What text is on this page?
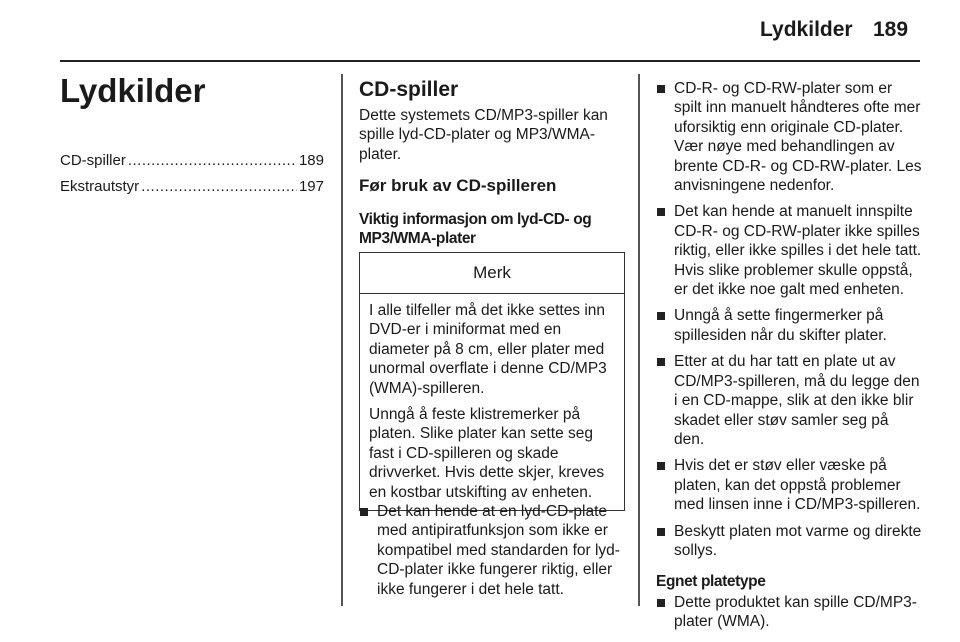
Lydkilder 189
Lydkilder
CD-spiller .....	189
Ekstrautstyr .....	197
CD-spiller

Dette systemets CD/MP3-spiller kan spille lyd-CD-plater og MP3/WMA-plater.

Før bruk av CD-spilleren

Viktig informasjon om lyd-CD- og MP3/WMA-plater

Merk

I alle tilfeller må det ikke settes inn DVD-er i miniformat med en diameter på 8 cm, eller plater med unormal overflate i denne CD/MP3 (WMA)-spilleren.

Unngå å feste klistremerker på platen. Slike plater kan sette seg fast i CD-spilleren og skade drivverket. Hvis dette skjer, kreves en kostbar utskifting av enheten.

Det kan hende at en lyd-CD-plate med antipiratfunksjon som ikke er kompatibel med standarden for lyd-CD-plater ikke fungerer riktig, eller ikke fungerer i det hele tatt.
CD-R- og CD-RW-plater som er spilt inn manuelt håndteres ofte mer uforsiktig enn originale CD-plater. Vær nøye med behandlingen av brente CD-R- og CD-RW-plater. Les anvisningene nedenfor.
Det kan hende at manuelt innspilte CD-R- og CD-RW-plater ikke spilles riktig, eller ikke spilles i det hele tatt. Hvis slike problemer skulle oppstå, er det ikke noe galt med enheten.
Unngå å sette fingermerker på spillesiden når du skifter plater.
Etter at du har tatt en plate ut av CD/MP3-spilleren, må du legge den i en CD-mappe, slik at den ikke blir skadet eller støv samler seg på den.
Hvis det er støv eller væske på platen, kan det oppstå problemer med linsen inne i CD/MP3-spilleren.
Beskytt platen mot varme og direkte sollys.

Egnet platetype

Dette produktet kan spille CD/MP3-plater (WMA).
